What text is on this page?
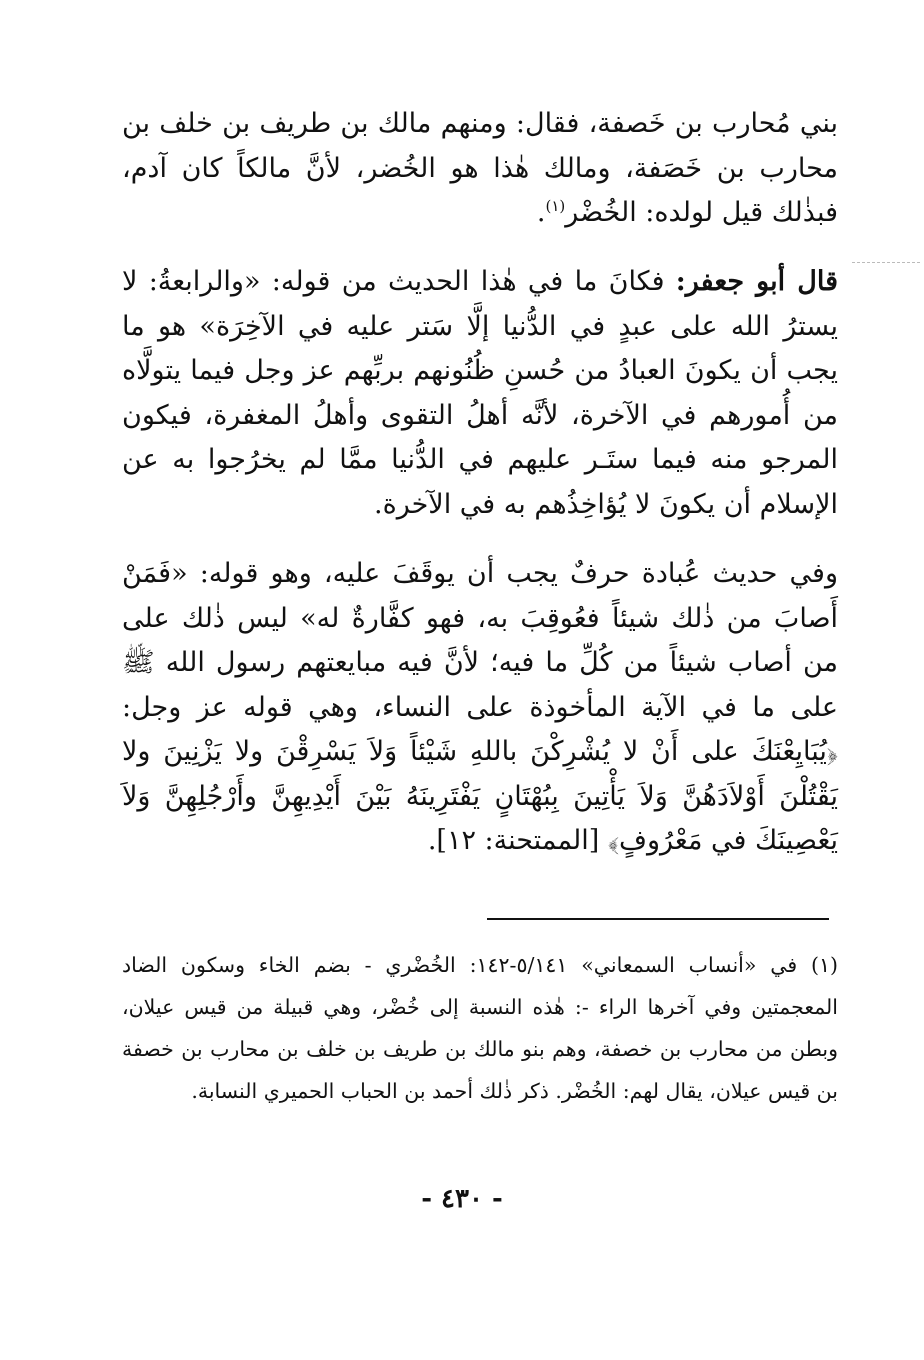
بني مُحارب بن خَصفة، فقال: ومنهم مالك بن طريف بن خلف بن محارب بن خَصَفة، ومالك هٰذا هو الخُضر، لأنَّ مالكاً كان آدم، فبذٰلك قيل لولده: الخُضْر$^{(١)}$.

قال أبو جعفر: فكانَ ما في هٰذا الحديث من قوله: «والرابعةُ: لا يسترُ الله على عبدٍ في الدُّنيا إلَّا سَتر عليه في الآخِرَة» هو ما يجب أن يكونَ العبادُ من حُسنِ ظُنُونهم بربِّهم عز وجل فيما يتولَّاه من أُمورهم في الآخرة، لأنَّه أهلُ التقوى وأهلُ المغفرة، فيكون المرجو منه فيما ستَـر عليهم في الدُّنيا ممَّا لم يخرُجوا به عن الإسلام أن يكونَ لا يُؤاخِذُهم به في الآخرة.

وفي حديث عُبادة حرفٌ يجب أن يوقَفَ عليه، وهو قوله: «فَمَنْ أَصابَ من ذٰلك شيئاً فعُوقِبَ به، فهو كفَّارةٌ له» ليس ذٰلك على من أصاب شيئاً من كُلِّ ما فيه؛ لأنَّ فيه مبايعتهم رسول الله ﷺ على ما في الآية المأخوذة على النساء، وهي قوله عز وجل: ﴿يُبَايِعْنَكَ على أَنْ لا يُشْرِكْنَ باللهِ شَيْئاً وَلاَ يَسْرِقْنَ ولا يَزْنِينَ ولا يَقْتُلْنَ أَوْلاَدَهُنَّ وَلاَ يَأْتِينَ بِبُهْتَانٍ يَفْتَرِينَهُ بَيْنَ أَيْدِيهِنَّ وأَرْجُلِهِنَّ وَلاَ يَعْصِينَكَ في مَعْرُوفٍ﴾ [الممتحنة: ١٢].

(١) في «أنساب السمعاني» ٥/١٤١-١٤٢: الخُضْري - بضم الخاء وسكون الضاد المعجمتين وفي آخرها الراء -: هٰذه النسبة إلى خُضْر، وهي قبيلة من قيس عيلان، وبطن من محارب بن خصفة، وهم بنو مالك بن طريف بن خلف بن محارب بن خصفة بن قيس عيلان، يقال لهم: الخُضْر. ذكر ذٰلك أحمد بن الحباب الحميري النسابة.

- ٤٣٠ -
